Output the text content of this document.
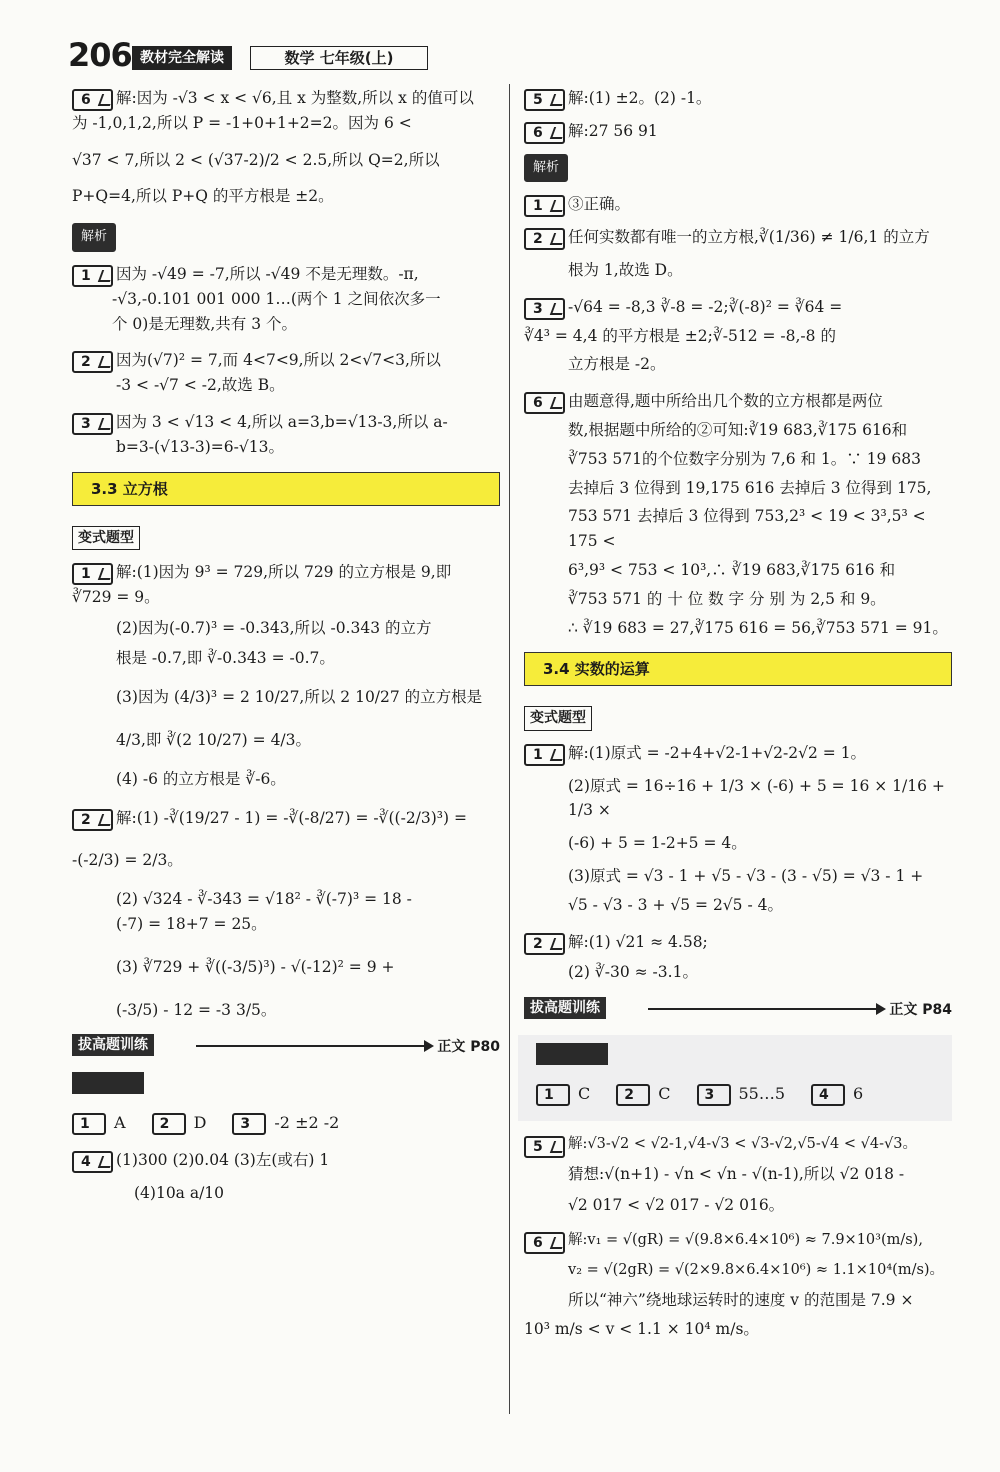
206 教材完全解读	数学 七年级(上)
6	解:因为 -√3 < x < √6,且 x 为整数,所以 x 的值可以
为 -1,0,1,2,所以 P = -1+0+1+2=2。因为 6 <
√37 < 7,所以 2 < (√37-2)/2 < 2.5,所以 Q=2,所以
P+Q=4,所以 P+Q 的平方根是 ±2。
解析
1	因为 -√49 = -7,所以 -√49 不是无理数。-π,
-√3,-0.101 001 000 1…(两个 1 之间依次多一
个 0)是无理数,共有 3 个。
2	因为(√7)² = 7,而 4<7<9,所以 2<√7<3,所以
-3 < -√7 < -2,故选 B。
3	因为 3 < √13 < 4,所以 a=3,b=√13-3,所以 a-
b=3-(√13-3)=6-√13。
3.3 立方根
变式题型
1	解:(1)因为 9³ = 729,所以 729 的立方根是 9,即
∛729 = 9。
(2)因为(-0.7)³ = -0.343,所以 -0.343 的立方
根是 -0.7,即 ∛-0.343 = -0.7。
(3)因为 (4/3)³ = 2 10/27,所以 2 10/27 的立方根是
4/3,即 ∛(2 10/27) = 4/3。
(4) -6 的立方根是 ∛-6。
2	解:(1) -∛(19/27 - 1) = -∛(-8/27) = -∛((-2/3)³) =
-(-2/3) = 2/3。
(2) √324 - ∛-343 = √18² - ∛(-7)³ = 18 -
(-7) = 18+7 = 25。
(3) ∛729 + ∛((-3/5)³) - √(-12)² = 9 +
(-3/5) - 12 = -3 3/5。
拔高题训练	正文 P80
1 A	2 D	3 -2 ±2 -2
4	(1)300 (2)0.04 (3)左(或右) 1
(4)10a a/10
5	解:(1) ±2。(2) -1。
6	解:27 56 91
解析
1	③正确。
2	任何实数都有唯一的立方根,∛(1/36) ≠ 1/6,1 的立方
根为 1,故选 D。
3	-√64 = -8,3 ∛-8 = -2;∛(-8)² = ∛64 =
∛4³ = 4,4 的平方根是 ±2;∛-512 = -8,-8 的
立方根是 -2。
6	由题意得,题中所给出几个数的立方根都是两位
数,根据题中所给的②可知:∛19 683,∛175 616和
∛753 571的个位数字分别为 7,6 和 1。∵ 19 683
去掉后 3 位得到 19,175 616 去掉后 3 位得到 175,
753 571 去掉后 3 位得到 753,2³ < 19 < 3³,5³ < 175 <
6³,9³ < 753 < 10³,∴ ∛19 683,∛175 616 和
∛753 571 的 十 位 数 字 分 别 为 2,5 和 9。
∴ ∛19 683 = 27,∛175 616 = 56,∛753 571 = 91。
3.4 实数的运算
变式题型
1	解:(1)原式 = -2+4+√2-1+√2-2√2 = 1。
(2)原式 = 16÷16 + 1/3 × (-6) + 5 = 16 × 1/16 + 1/3 ×
(-6) + 5 = 1-2+5 = 4。
(3)原式 = √3 - 1 + √5 - √3 - (3 - √5) = √3 - 1 +
√5 - √3 - 3 + √5 = 2√5 - 4。
2	解:(1) √21 ≈ 4.58;
(2) ∛-30 ≈ -3.1。
拔高题训练	正文 P84
1 C	2 C	3 55…5	4 6
5	解:√3-√2 < √2-1,√4-√3 < √3-√2,√5-√4 < √4-√3。
猜想:√(n+1) - √n < √n - √(n-1),所以 √2 018 -
√2 017 < √2 017 - √2 016。
6	解:v₁ = √(gR) = √(9.8×6.4×10⁶) ≈ 7.9×10³(m/s),
v₂ = √(2gR) = √(2×9.8×6.4×10⁶) ≈ 1.1×10⁴(m/s)。
所以“神六”绕地球运转时的速度 v 的范围是 7.9 ×
10³ m/s < v < 1.1 × 10⁴ m/s。
